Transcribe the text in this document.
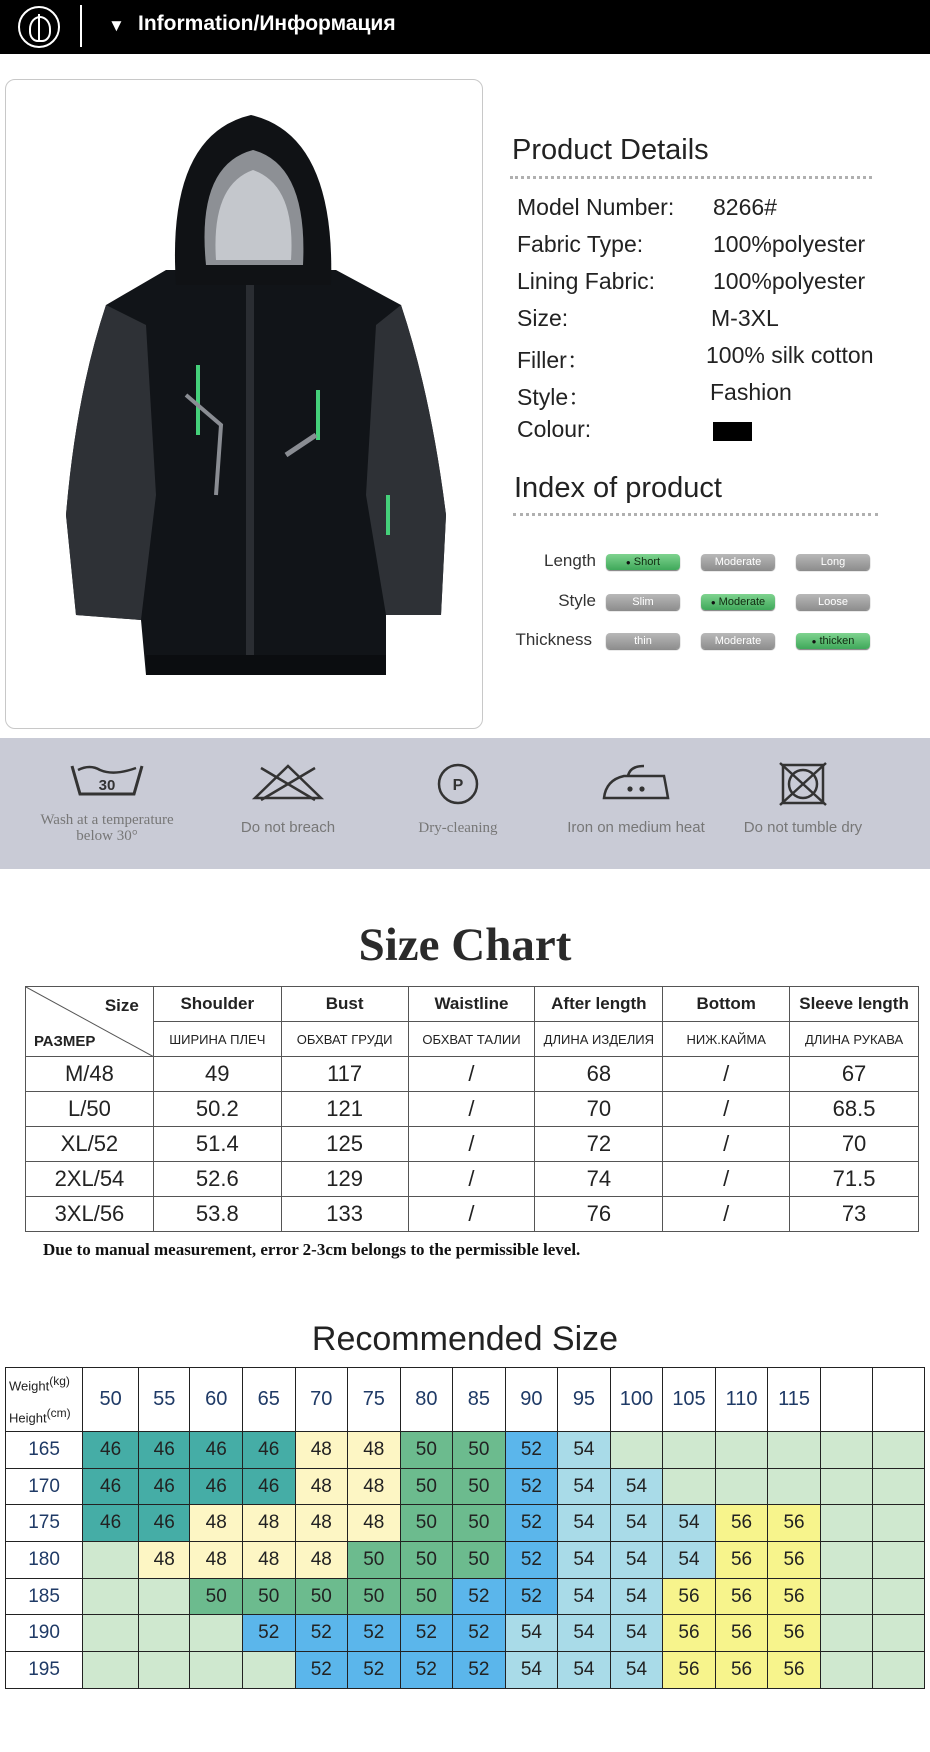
▼ Information/Информация
Product Details
Model Number: 8266#
Fabric Type:	100%polyester
Lining Fabric:	100%polyester
Size:	M-3XL
Filler：	100% silk cotton
Style：	Fashion
Colour:
Index of product
Length	● Short	Moderate	Long
Style	Slim	● Moderate	Loose
Thickness	thin	Moderate	● thicken
30
Wash at a temperature below 30°	Do not breach
P
Dry-cleaning	Iron on medium heat	Do not tumble dry
Size Chart
Size
РАЗМЕР	Shoulder	Bust	Waistline	After length	Bottom	Sleeve length
	ШИРИНА ПЛЕЧ	ОБХВАТ ГРУДИ	ОБХВАТ ТАЛИИ	ДЛИНА ИЗДЕЛИЯ	НИЖ.КАЙМА	ДЛИНА РУКАВА
M/48	49	117	/	68	/	67
L/50	50.2	121	/	70	/	68.5
XL/52	51.4	125	/	72	/	70
2XL/54	52.6	129	/	74	/	71.5
3XL/56	53.8	133	/	76	/	73
Due to manual measurement, error 2-3cm belongs to the permissible level.
Recommended Size
Weight(kg)
Height(cm)	50	55	60	65	70	75	80	85	90	95	100	105	110	115		
165	46	46	46	46	48	48	50	50	52	54						
170	46	46	46	46	48	48	50	50	52	54	54					
175	46	46	48	48	48	48	50	50	52	54	54	54	56	56		
180		48	48	48	48	50	50	50	52	54	54	54	56	56		
185			50	50	50	50	50	52	52	54	54	56	56	56		
190				52	52	52	52	52	54	54	54	56	56	56		
195					52	52	52	52	54	54	54	56	56	56		
